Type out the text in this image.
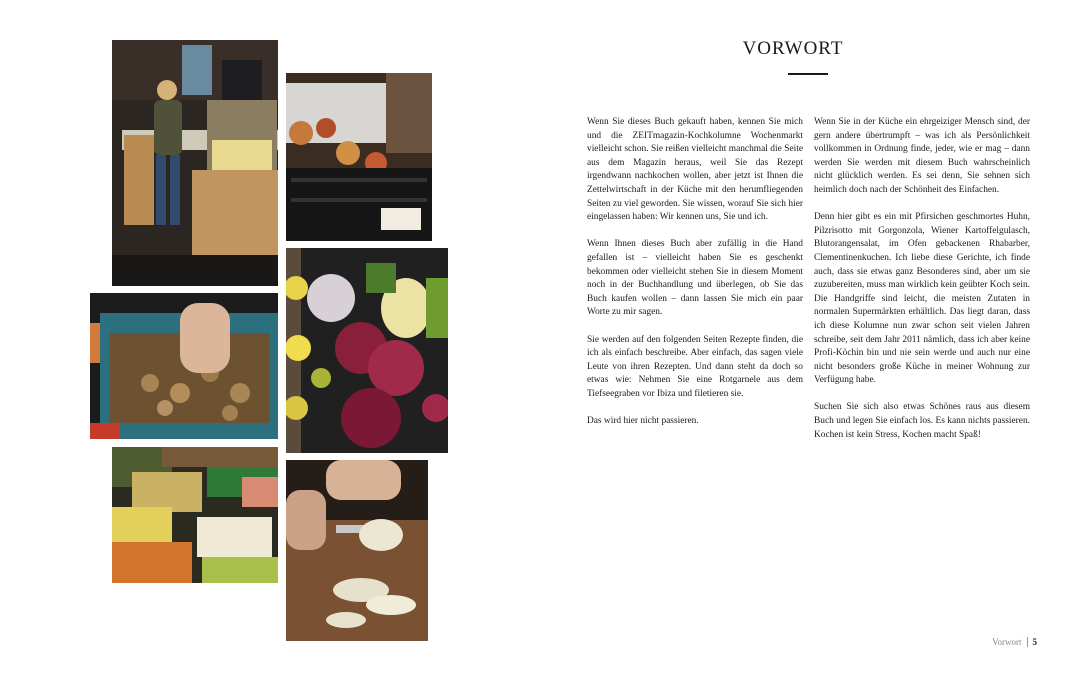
VORWORT

Wenn Sie dieses Buch gekauft haben, kennen Sie mich und die ZEITmagazin-Kochkolumne Wochenmarkt vielleicht schon. Sie reißen vielleicht manchmal die Seite aus dem Magazin heraus, weil Sie das Rezept irgendwann nachkochen wollen, aber jetzt ist Ihnen die Zettelwirtschaft in der Küche mit den herumfliegenden Seiten zu viel geworden. Sie wissen, worauf Sie sich hier eingelassen haben: Wir kennen uns, Sie und ich.

Wenn Ihnen dieses Buch aber zufällig in die Hand gefallen ist – vielleicht haben Sie es geschenkt bekommen oder vielleicht stehen Sie in diesem Moment noch in der Buchhandlung und überlegen, ob Sie das Buch kaufen wollen – dann lassen Sie mich ein paar Worte zu mir sagen.

Sie werden auf den folgenden Seiten Rezepte finden, die ich als einfach beschreibe. Aber einfach, das sagen viele Leute von ihren Rezepten. Und dann steht da doch so etwas wie: Nehmen Sie eine Rotgarnele aus dem Tiefseegraben vor Ibiza und filetieren sie.

Das wird hier nicht passieren.

Wenn Sie in der Küche ein ehrgeiziger Mensch sind, der gern andere übertrumpft – was ich als Persönlichkeit vollkommen in Ordnung finde, jeder, wie er mag – dann werden Sie werden mit diesem Buch wahrscheinlich nicht glücklich werden. Es sei denn, Sie sehnen sich heimlich doch nach der Schönheit des Einfachen.

Denn hier gibt es ein mit Pfirsichen geschmortes Huhn, Pilzrisotto mit Gorgonzola, Wiener Kartoffelgulasch, Blutorangensalat, im Ofen gebackenen Rhabarber, Clementinenkuchen. Ich liebe diese Gerichte, ich finde auch, dass sie etwas ganz Besonderes sind, aber um sie zuzubereiten, muss man wirklich kein geübter Koch sein. Die Handgriffe sind leicht, die meisten Zutaten in normalen Supermärkten erhältlich. Das liegt daran, dass ich diese Kolumne nun zwar schon seit vielen Jahren schreibe, seit dem Jahr 2011 nämlich, dass ich aber keine Profi-Köchin bin und nie sein werde und auch nur eine nicht besonders große Küche in meiner Wohnung zur Verfügung habe.

Suchen Sie sich also etwas Schönes raus aus diesem Buch und legen Sie einfach los. Es kann nichts passieren. Kochen ist kein Stress, Kochen macht Spaß!

Vorwort 5
